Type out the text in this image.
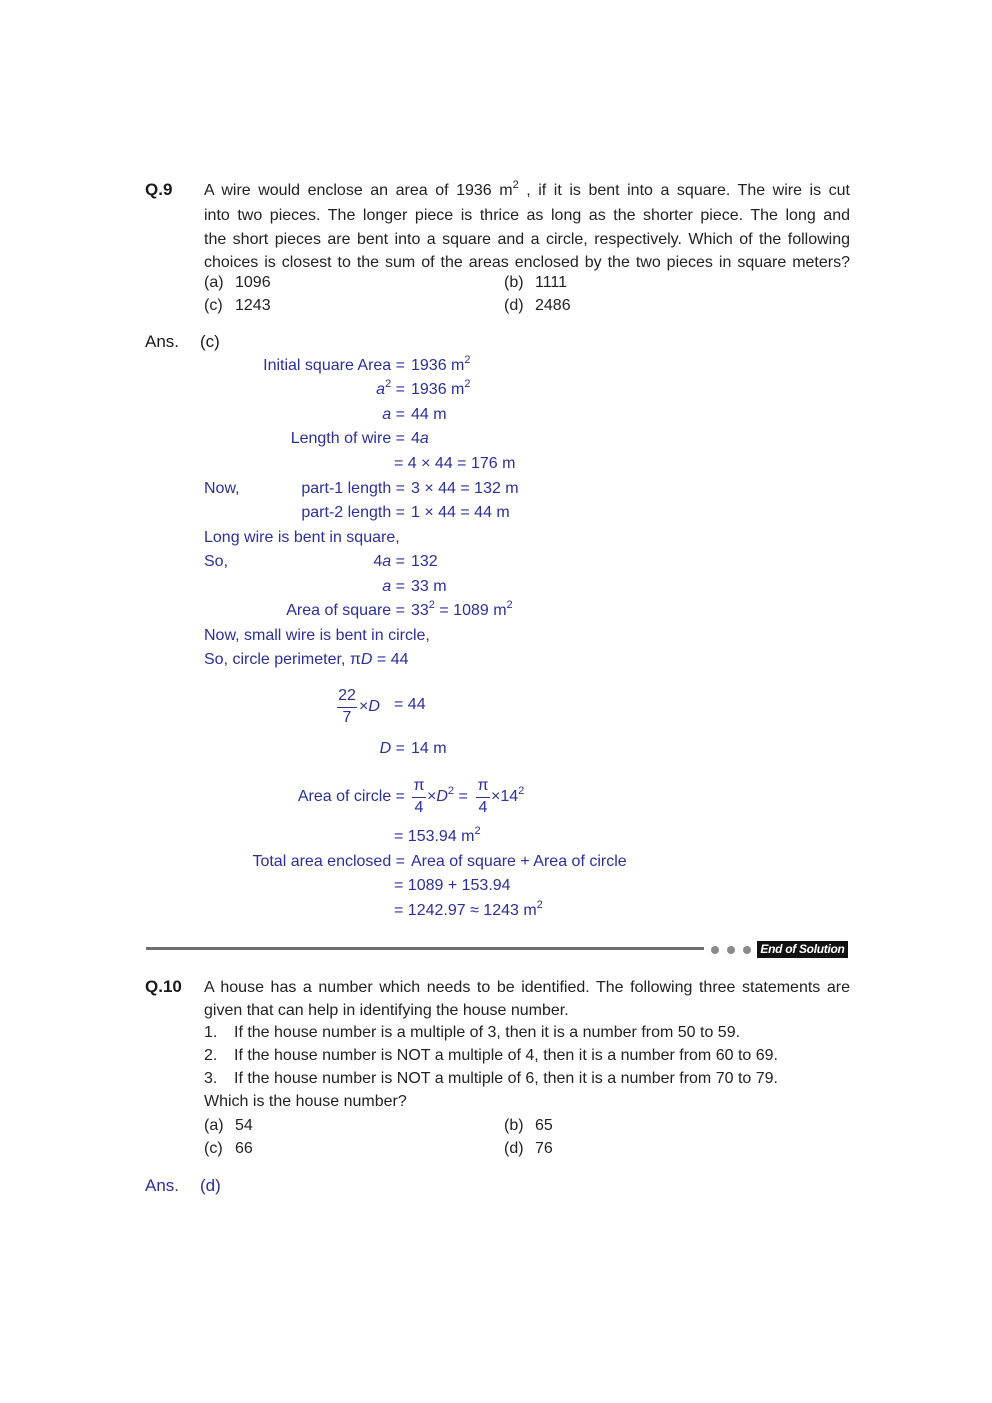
Q.9 A wire would enclose an area of 1936 $m^2$ , if it is bent into a square. The wire is cut
into two pieces. The longer piece is thrice as long as the shorter piece. The long and
the short pieces are bent into a square and a circle, respectively. Which of the following
choices is closest to the sum of the areas enclosed by the two pieces in square meters?
(a) 1096	(b) 1111
(c) 1243	(d) 2486
Ans. (c)
Initial square Area = 1936 $m^2$
$a^2 = 1936$ $m^2$
a = 44 m
Length of wire = 4a
= 4 × 44 = 176 m
Now,	part-1 length = 3 × 44 = 132 m
part-2 length = 1 × 44 = 44 m
Long wire is bent in square,
So,	4a = 132
a = 33 m
Area of square = $33^2 = 1089$ $m^2$
Now, small wire is bent in circle,
So, circle perimeter, πD = 44
22
7
×D = 44
D = 14 m
Area of circle =
π
4
$\times D^2$ =
π
4
$\times 14^2$
= 153.94 $m^2$
Total area enclosed = Area of square + Area of circle
= 1089 + 153.94
= 1242.97 ≈ 1243 $m^2$
End of Solution
Q.10 A house has a number which needs to be identified. The following three statements are
given that can help in identifying the house number.
1. If the house number is a multiple of 3, then it is a number from 50 to 59.
2. If the house number is NOT a multiple of 4, then it is a number from 60 to 69.
3. If the house number is NOT a multiple of 6, then it is a number from 70 to 79.
Which is the house number?
(a) 54	(b) 65
(c) 66	(d) 76
Ans. (d)
